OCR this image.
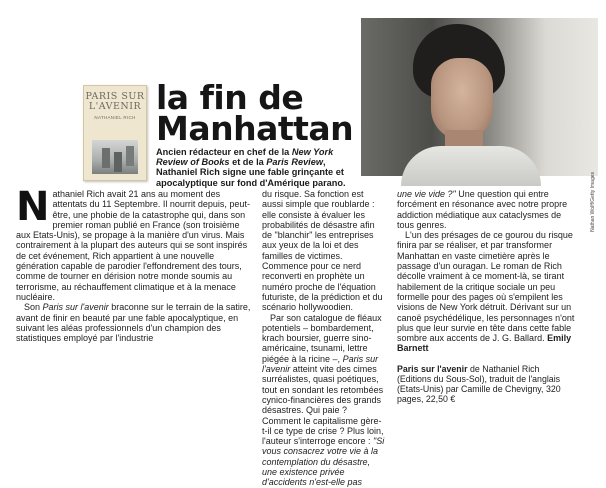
PARIS SUR L'AVENIR
NATHANIEL RICH
la fin de
Manhattan

Ancien rédacteur en chef de la New York Review of Books et de la Paris Review, Nathaniel Rich signe une fable grinçante et apocalyptique sur fond d'Amérique parano.	Nathan Wolff/Getty Images

Nathaniel Rich avait 21 ans au moment des attentats du 11 Septembre. Il nourrit depuis, peut-être, une phobie de la catastrophe qui, dans son premier roman publié en France (son troisième aux Etats-Unis), se propage à la manière d'un virus. Mais contrairement à la plupart des auteurs qui se sont inspirés de cet événement, Rich appartient à une nouvelle génération capable de parodier l'effondrement des tours, comme de tourner en dérision notre monde soumis au terrorisme, au réchauffement climatique et à la menace nucléaire.

Son Paris sur l'avenir braconne sur le terrain de la satire, avant de finir en beauté par une fable apocalyptique, en suivant les aléas professionnels d'un champion des statistiques employé par l'industrie

du risque. Sa fonction est aussi simple que roublarde : elle consiste à évaluer les probabilités de désastre afin de "blanchir" les entreprises aux yeux de la loi et des familles de victimes. Commence pour ce nerd reconverti en prophète un numéro proche de l'équation futuriste, de la prédiction et du scénario hollywoodien.

Par son catalogue de fléaux potentiels – bombardement, krach boursier, guerre sino-américaine, tsunami, lettre piégée à la ricine –, Paris sur l'avenir atteint vite des cimes surréalistes, quasi poétiques, tout en sondant les retombées cynico-financières des grands désastres. Qui paie ? Comment le capitalisme gère-t-il ce type de crise ? Plus loin, l'auteur s'interroge encore : "Si vous consacrez votre vie à la contemplation du désastre, une existence privée d'accidents n'est-elle pas

une vie vide ?" Une question qui entre forcément en résonance avec notre propre addiction médiatique aux cataclysmes de tous genres.

L'un des présages de ce gourou du risque finira par se réaliser, et par transformer Manhattan en vaste cimetière après le passage d'un ouragan. Le roman de Rich décolle vraiment à ce moment-là, se tirant habilement de la critique sociale un peu formelle pour des pages où s'empilent les visions de New York détruit. Dérivant sur un canoë psychédélique, les personnages n'ont plus que leur survie en tête dans cette fable sombre aux accents de J. G. Ballard. Emily Barnett

Paris sur l'avenir de Nathaniel Rich (Editions du Sous-Sol), traduit de l'anglais (Etats-Unis) par Camille de Chevigny, 320 pages, 22,50 €
